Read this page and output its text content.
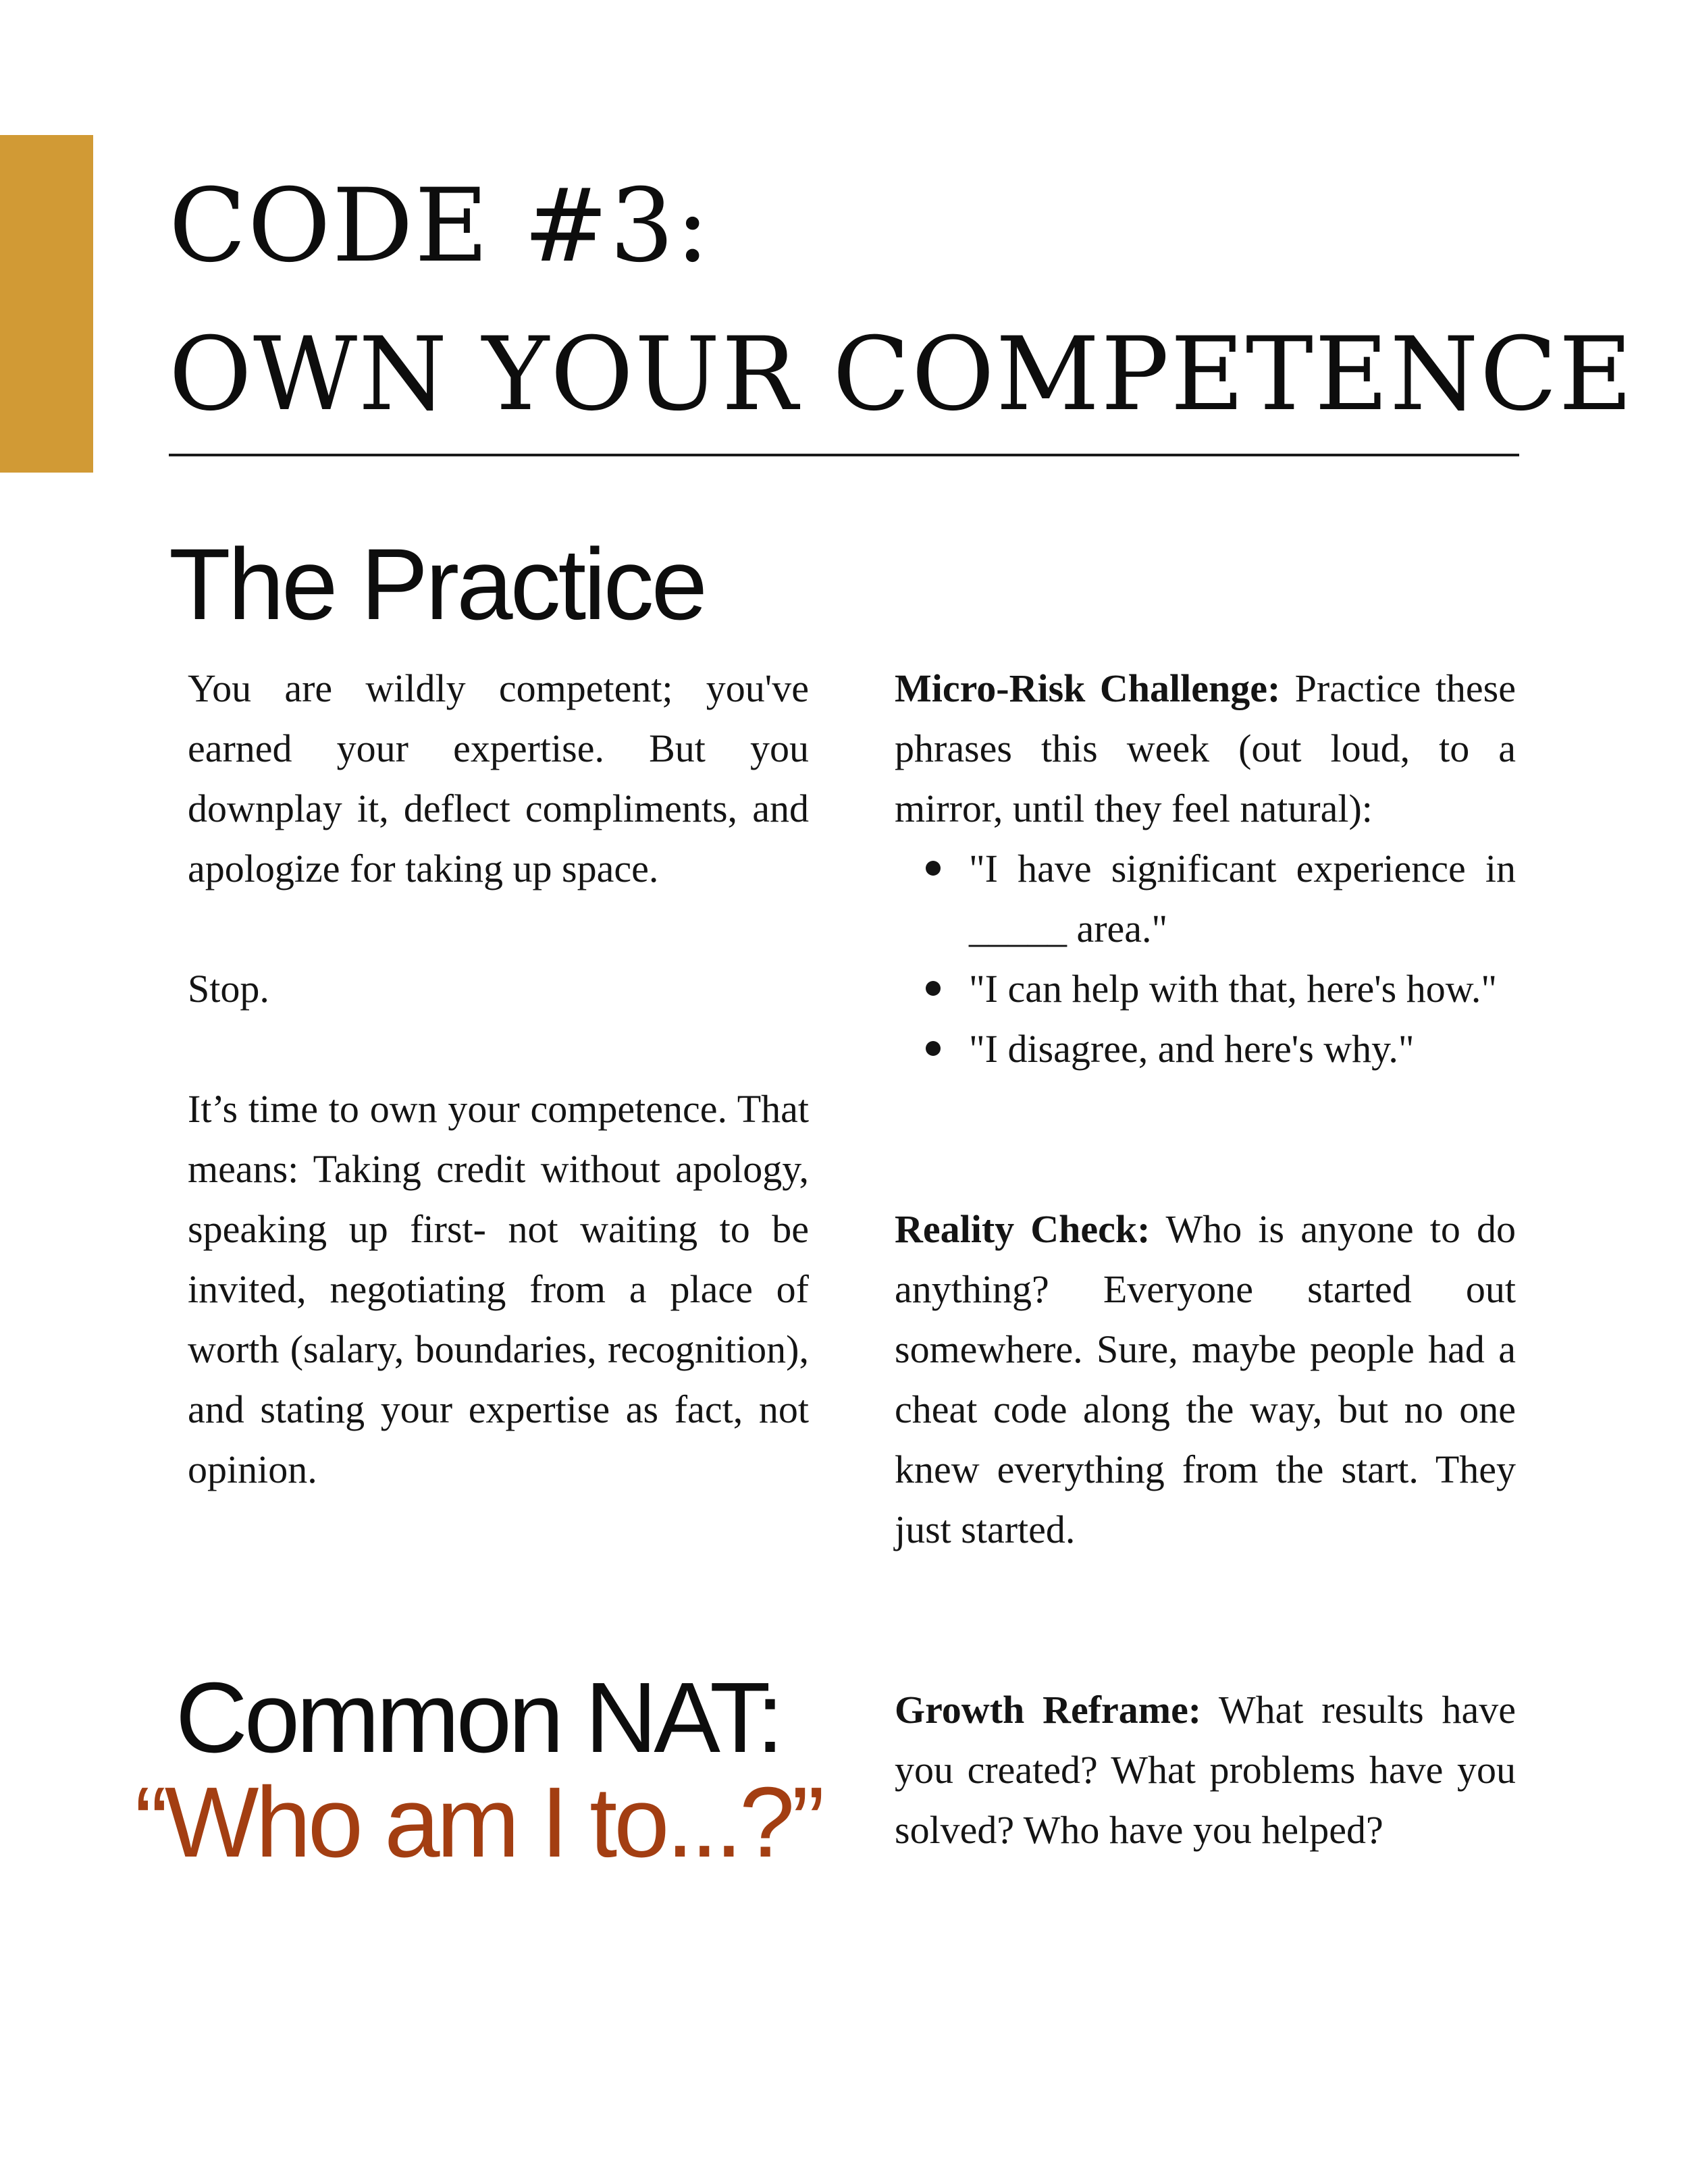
CODE #3:
OWN YOUR COMPETENCE
The Practice

You are wildly competent; you've earned your expertise. But you downplay it, deflect compliments, and apologize for taking up space.

Stop.

It’s time to own your competence. That means: Taking credit without apology, speaking up first- not waiting to be invited, negotiating from a place of worth (salary, boundaries, recognition), and stating your expertise as fact, not opinion.

Micro-Risk Challenge: Practice these phrases this week (out loud, to a mirror, until they feel natural):

"I have significant experience in _____ area."
"I can help with that, here's how."
"I disagree, and here's why."

Reality Check: Who is anyone to do anything? Everyone started out somewhere. Sure, maybe people had a cheat code along the way, but no one knew everything from the start. They just started.

Growth Reframe: What results have you created? What problems have you solved? Who have you helped?

Common NAT:
“Who am I to...?”
